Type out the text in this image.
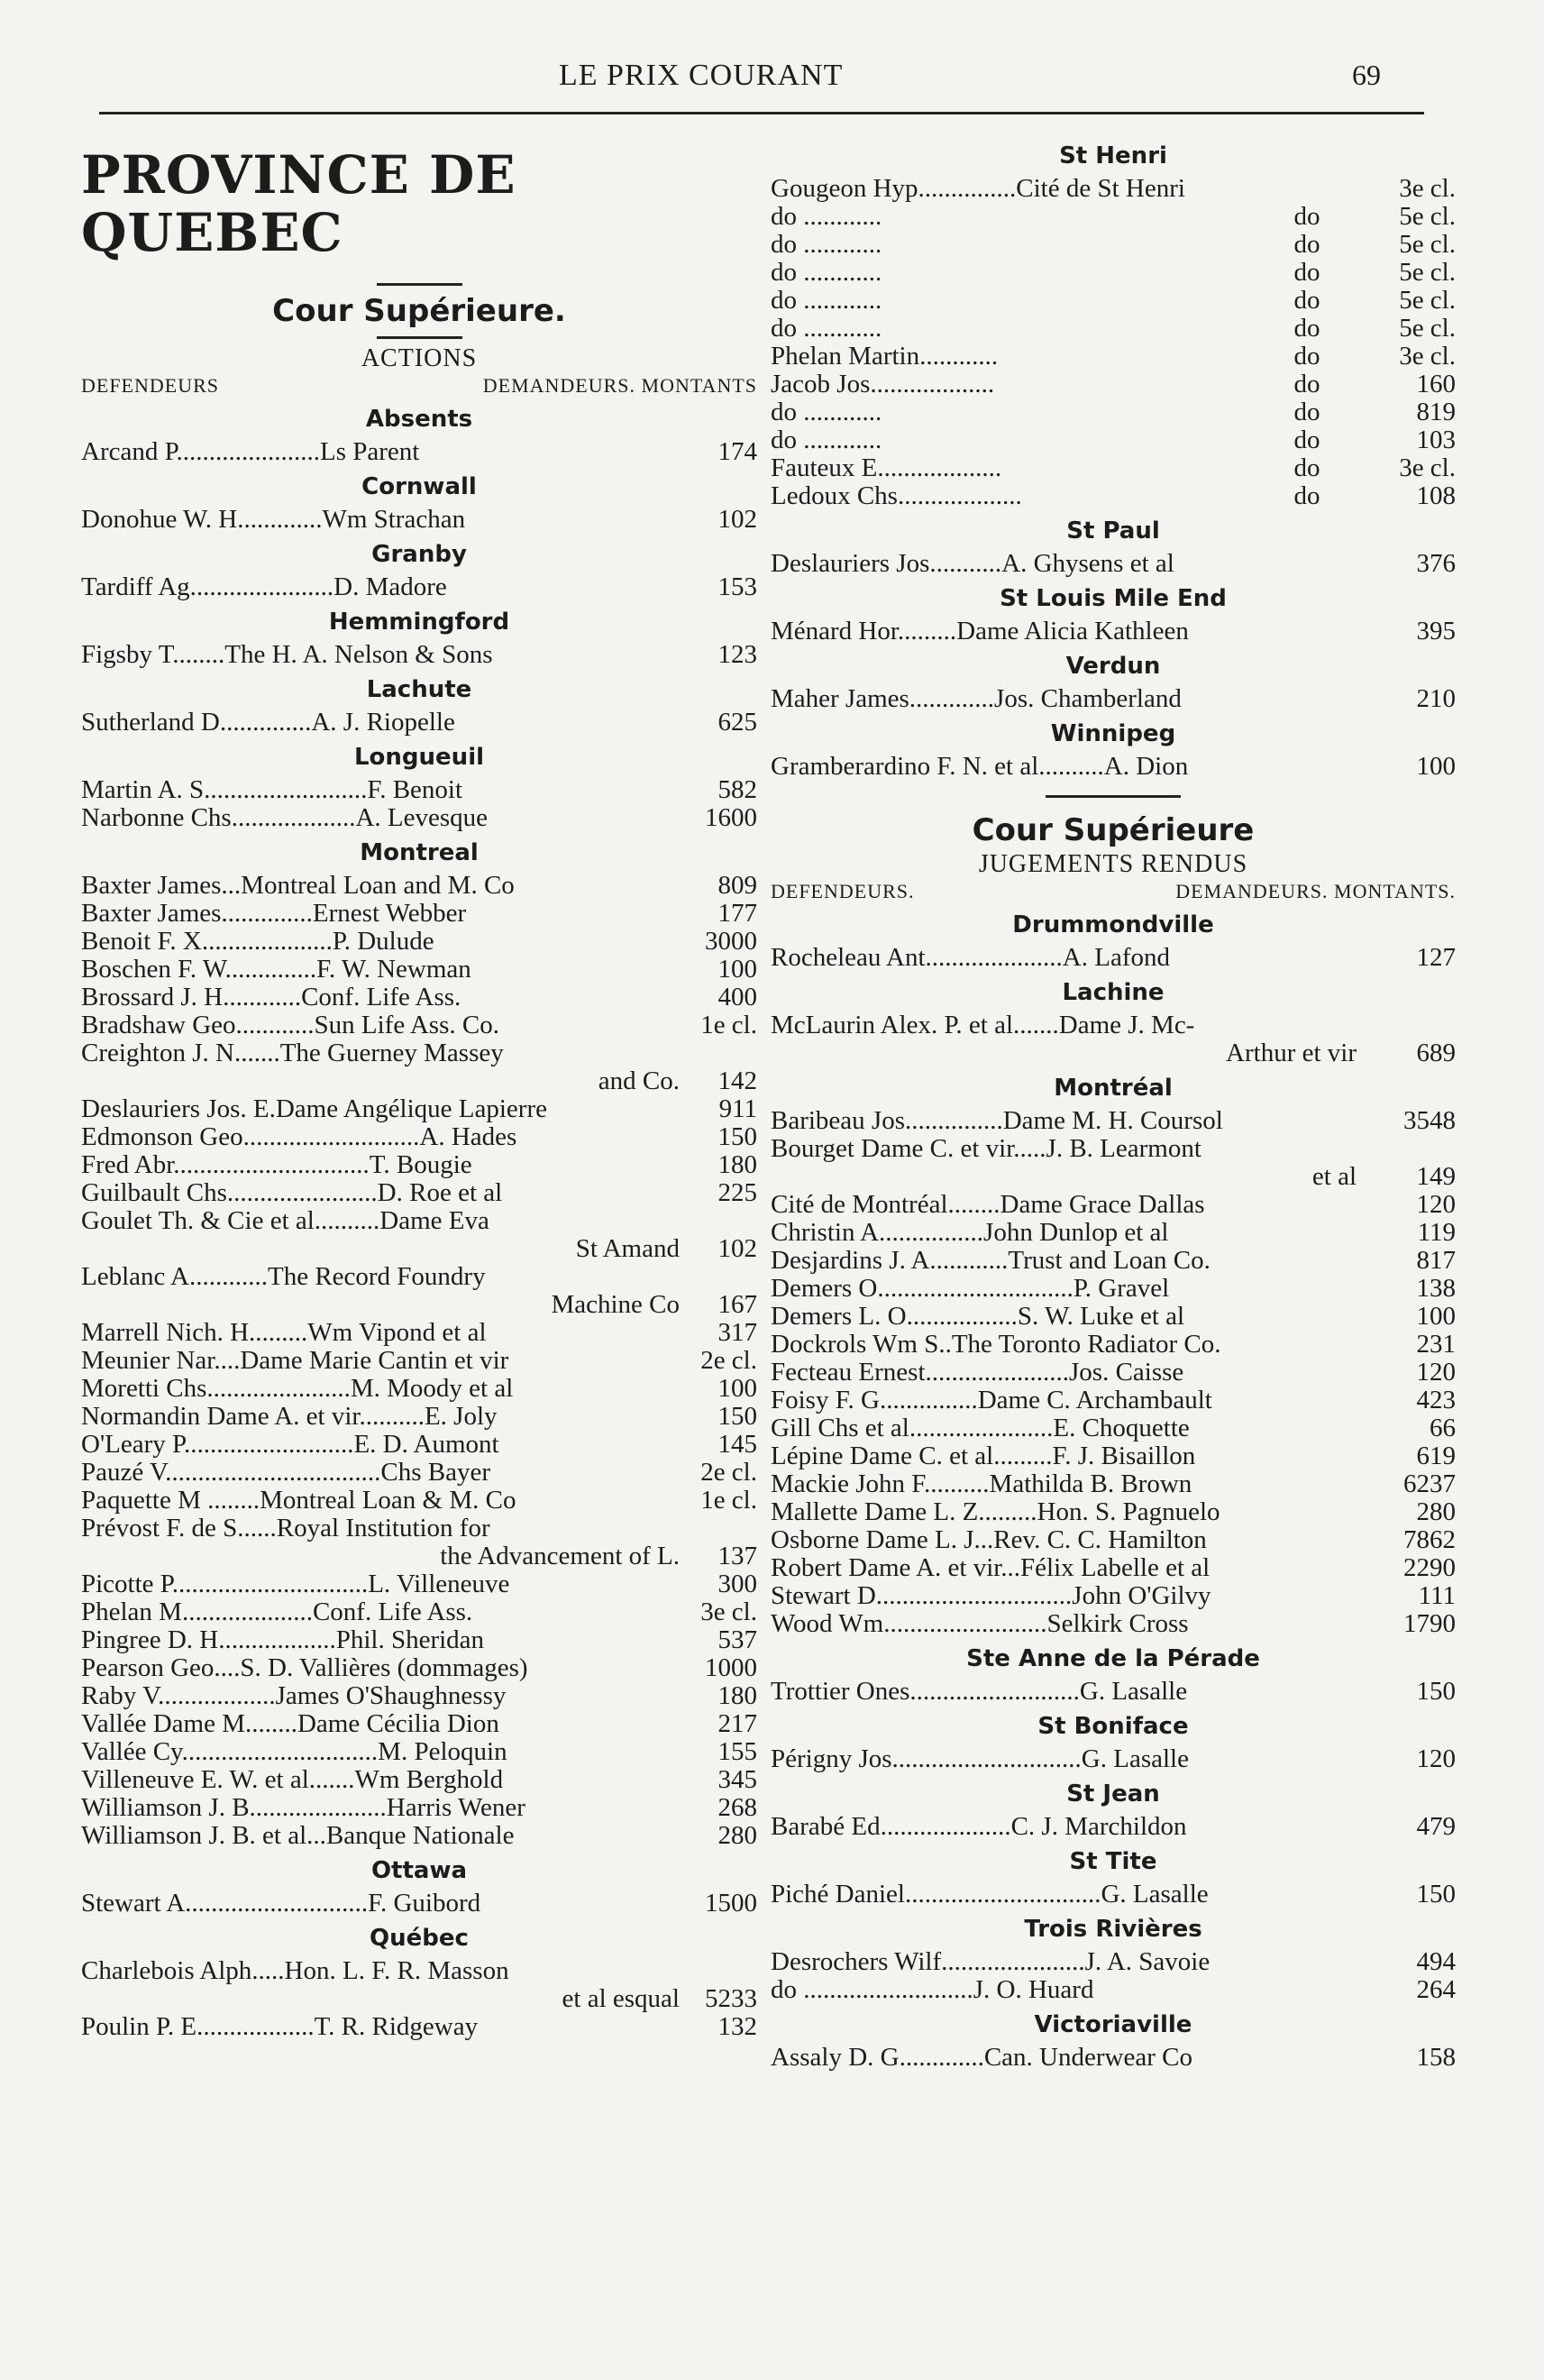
LE PRIX COURANT	69
PROVINCE DE QUEBEC
Cour Supérieure.
ACTIONS
DEFENDEURS	DEMANDEURS. MONTANTS
Absents
Arcand P......................Ls Parent	174
Cornwall
Donohue W. H.............Wm Strachan	102
Granby
Tardiff Ag......................D. Madore	153
Hemmingford
Figsby T........The H. A. Nelson & Sons	123
Lachute
Sutherland D..............A. J. Riopelle	625
Longueuil
Martin A. S.........................F. Benoit	582
Narbonne Chs...................A. Levesque	1600
Montreal
Baxter James...Montreal Loan and M. Co	809
Baxter James..............Ernest Webber	177
Benoit F. X....................P. Dulude	3000
Boschen F. W..............F. W. Newman	100
Brossard J. H............Conf. Life Ass.	400
Bradshaw Geo............Sun Life Ass. Co.	1e cl.
Creighton J. N.......The Guerney Massey
and Co.	142
Deslauriers Jos. E.Dame Angélique Lapierre	911
Edmonson Geo...........................A. Hades	150
Fred Abr..............................T. Bougie	180
Guilbault Chs.......................D. Roe et al	225
Goulet Th. & Cie et al..........Dame Eva
St Amand	102
Leblanc A............The Record Foundry
Machine Co	167
Marrell Nich. H.........Wm Vipond et al	317
Meunier Nar....Dame Marie Cantin et vir	2e cl.
Moretti Chs......................M. Moody et al	100
Normandin Dame A. et vir..........E. Joly	150
O'Leary P..........................E. D. Aumont	145
Pauzé V.................................Chs Bayer	2e cl.
Paquette M ........Montreal Loan & M. Co	1e cl.
Prévost F. de S......Royal Institution for
the Advancement of L.	137
Picotte P..............................L. Villeneuve	300
Phelan M....................Conf. Life Ass.	3e cl.
Pingree D. H..................Phil. Sheridan	537
Pearson Geo....S. D. Vallières (dommages)	1000
Raby V..................James O'Shaughnessy	180
Vallée Dame M........Dame Cécilia Dion	217
Vallée Cy..............................M. Peloquin	155
Villeneuve E. W. et al.......Wm Berghold	345
Williamson J. B.....................Harris Wener	268
Williamson J. B. et al...Banque Nationale	280
Ottawa
Stewart A............................F. Guibord	1500
Québec
Charlebois Alph.....Hon. L. F. R. Masson
et al esqual 5233
Poulin P. E..................T. R. Ridgeway	132
St Henri
Gougeon Hyp...............Cité de St Henri	3e cl.
do ............	do	5e cl.
do ............	do	5e cl.
do ............	do	5e cl.
do ............	do	5e cl.
do ............	do	5e cl.
Phelan Martin............	do	3e cl.
Jacob Jos...................	do	160
do ............	do	819
do ............	do	103
Fauteux E...................	do	3e cl.
Ledoux Chs...................	do	108
St Paul
Deslauriers Jos...........A. Ghysens et al	376
St Louis Mile End
Ménard Hor.........Dame Alicia Kathleen	395
Verdun
Maher James.............Jos. Chamberland	210
Winnipeg
Gramberardino F. N. et al..........A. Dion	100
Cour Supérieure
JUGEMENTS RENDUS
DEFENDEURS.	DEMANDEURS. MONTANTS.
Drummondville
Rocheleau Ant.....................A. Lafond	127
Lachine
McLaurin Alex. P. et al.......Dame J. Mc-
Arthur et vir	689
Montréal
Baribeau Jos...............Dame M. H. Coursol	3548
Bourget Dame C. et vir.....J. B. Learmont
et al	149
Cité de Montréal........Dame Grace Dallas	120
Christin A................John Dunlop et al	119
Desjardins J. A............Trust and Loan Co.	817
Demers O..............................P. Gravel	138
Demers L. O.................S. W. Luke et al	100
Dockrols Wm S..The Toronto Radiator Co.	231
Fecteau Ernest......................Jos. Caisse	120
Foisy F. G...............Dame C. Archambault	423
Gill Chs et al......................E. Choquette	66
Lépine Dame C. et al.........F. J. Bisaillon	619
Mackie John F..........Mathilda B. Brown	6237
Mallette Dame L. Z.........Hon. S. Pagnuelo	280
Osborne Dame L. J...Rev. C. C. Hamilton	7862
Robert Dame A. et vir...Félix Labelle et al	2290
Stewart D..............................John O'Gilvy	111
Wood Wm.........................Selkirk Cross	1790
Ste Anne de la Pérade
Trottier Ones..........................G. Lasalle	150
St Boniface
Périgny Jos.............................G. Lasalle	120
St Jean
Barabé Ed....................C. J. Marchildon	479
St Tite
Piché Daniel..............................G. Lasalle	150
Trois Rivières
Desrochers Wilf......................J. A. Savoie	494
do ..........................J. O. Huard	264
Victoriaville
Assaly D. G.............Can. Underwear Co	158
